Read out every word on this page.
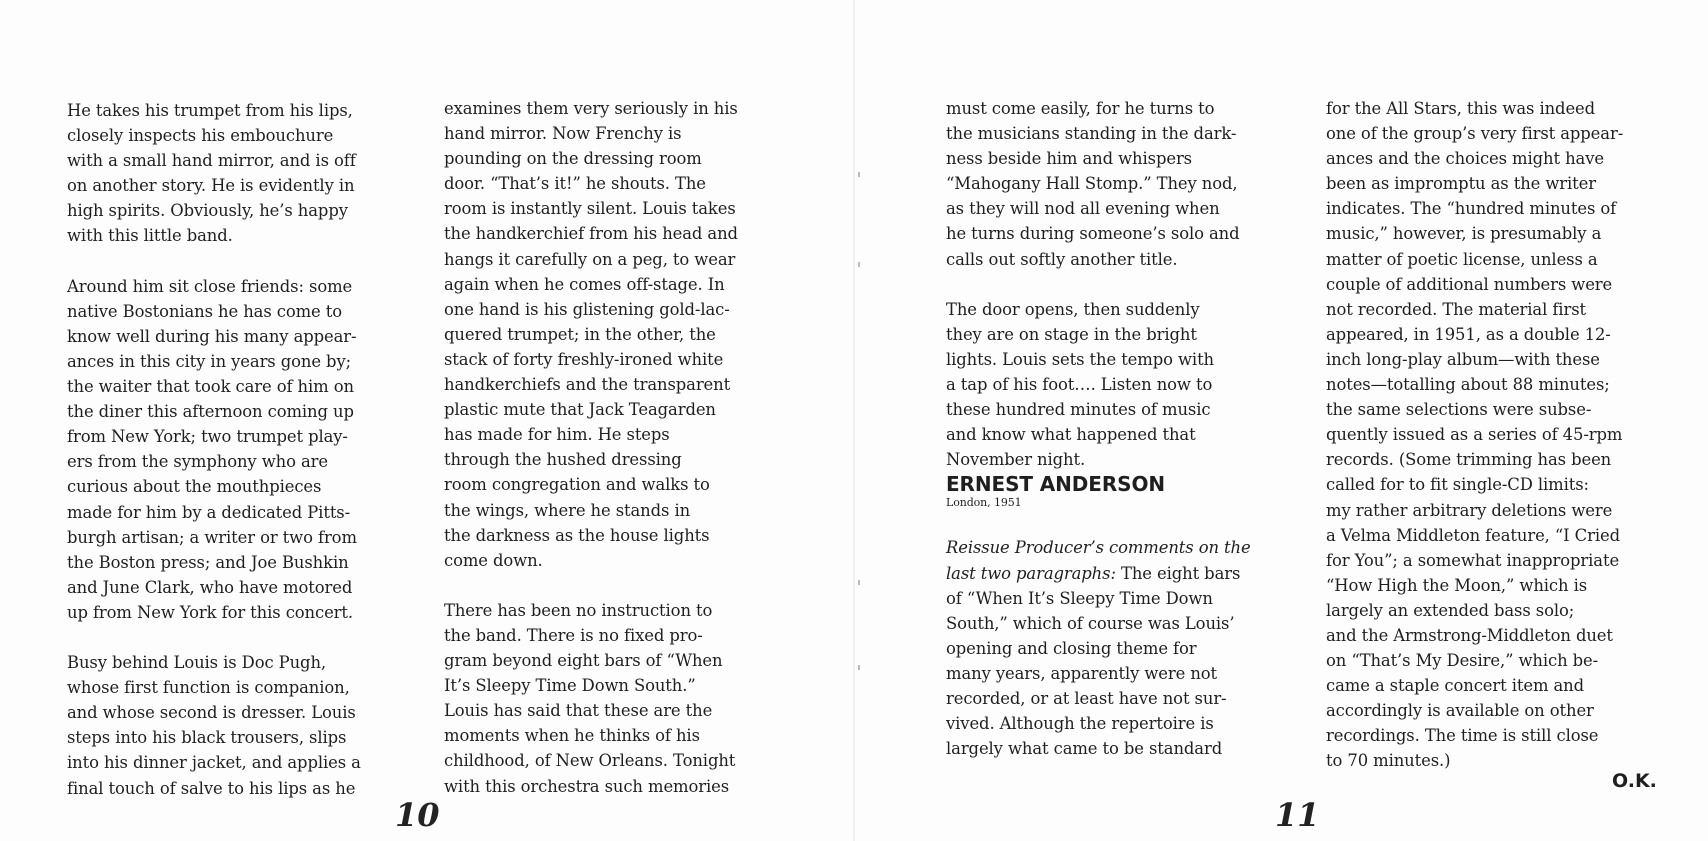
He takes his trumpet from his lips,
closely inspects his embouchure
with a small hand mirror, and is off
on another story. He is evidently in
high spirits. Obviously, he’s happy
with this little band.

Around him sit close friends: some
native Bostonians he has come to
know well during his many appear-
ances in this city in years gone by;
the waiter that took care of him on
the diner this afternoon coming up
from New York; two trumpet play-
ers from the symphony who are
curious about the mouthpieces
made for him by a dedicated Pitts-
burgh artisan; a writer or two from
the Boston press; and Joe Bushkin
and June Clark, who have motored
up from New York for this concert.

Busy behind Louis is Doc Pugh,
whose first function is companion,
and whose second is dresser. Louis
steps into his black trousers, slips
into his dinner jacket, and applies a
final touch of salve to his lips as he

examines them very seriously in his
hand mirror. Now Frenchy is
pounding on the dressing room
door. “That’s it!” he shouts. The
room is instantly silent. Louis takes
the handkerchief from his head and
hangs it carefully on a peg, to wear
again when he comes off-stage. In
one hand is his glistening gold-lac-
quered trumpet; in the other, the
stack of forty freshly-ironed white
handkerchiefs and the transparent
plastic mute that Jack Teagarden
has made for him. He steps
through the hushed dressing
room congregation and walks to
the wings, where he stands in
the darkness as the house lights
come down.

There has been no instruction to
the band. There is no fixed pro-
gram beyond eight bars of “When
It’s Sleepy Time Down South.”
Louis has said that these are the
moments when he thinks of his
childhood, of New Orleans. Tonight
with this orchestra such memories

10

must come easily, for he turns to
the musicians standing in the dark-
ness beside him and whispers
“Mahogany Hall Stomp.” They nod,
as they will nod all evening when
he turns during someone’s solo and
calls out softly another title.

The door opens, then suddenly
they are on stage in the bright
lights. Louis sets the tempo with
a tap of his foot…. Listen now to
these hundred minutes of music
and know what happened that
November night.

ERNEST ANDERSON
London, 1951

Reissue Producer’s comments on the
last two paragraphs: The eight bars
of “When It’s Sleepy Time Down
South,” which of course was Louis’
opening and closing theme for
many years, apparently were not
recorded, or at least have not sur-
vived. Although the repertoire is
largely what came to be standard

for the All Stars, this was indeed
one of the group’s very first appear-
ances and the choices might have
been as impromptu as the writer
indicates. The “hundred minutes of
music,” however, is presumably a
matter of poetic license, unless a
couple of additional numbers were
not recorded. The material first
appeared, in 1951, as a double 12-
inch long-play album—with these
notes—totalling about 88 minutes;
the same selections were subse-
quently issued as a series of 45-rpm
records. (Some trimming has been
called for to fit single-CD limits:
my rather arbitrary deletions were
a Velma Middleton feature, “I Cried
for You”; a somewhat inappropriate
“How High the Moon,” which is
largely an extended bass solo;
and the Armstrong-Middleton duet
on “That’s My Desire,” which be-
came a staple concert item and
accordingly is available on other
recordings. The time is still close
to 70 minutes.)

O.K.
11
